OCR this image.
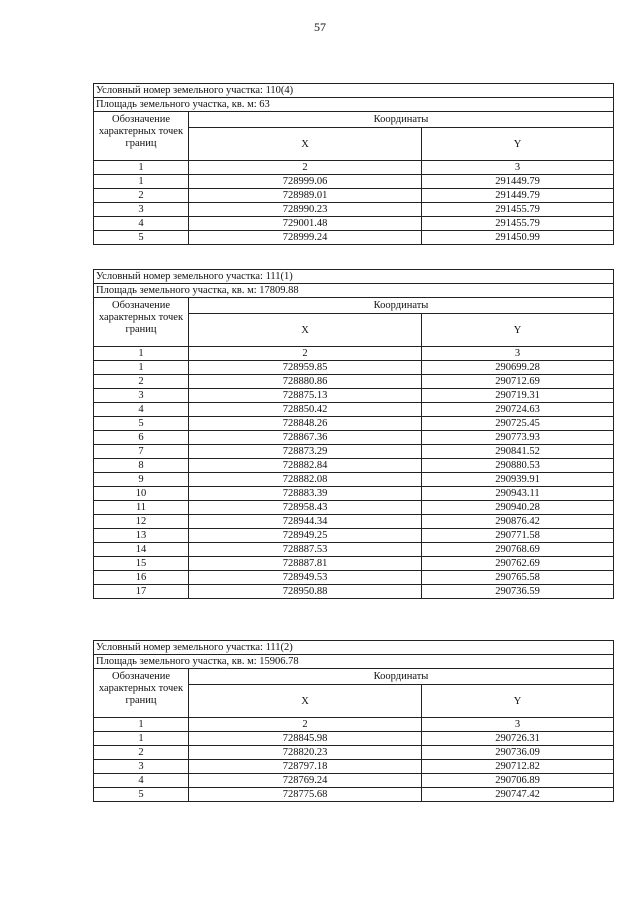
57
Условный номер земельного участка: 110(4)		
Площадь земельного участка, кв. м: 63		
Обозначение характерных точек границ	Координаты	
	X	Y
1	2	3
1	728999.06	291449.79
2	728989.01	291449.79
3	728990.23	291455.79
4	729001.48	291455.79
5	728999.24	291450.99
Условный номер земельного участка: 111(1)		
Площадь земельного участка, кв. м: 17809.88		
Обозначение характерных точек границ	Координаты	
	X	Y
1	2	3
1	728959.85	290699.28
2	728880.86	290712.69
3	728875.13	290719.31
4	728850.42	290724.63
5	728848.26	290725.45
6	728867.36	290773.93
7	728873.29	290841.52
8	728882.84	290880.53
9	728882.08	290939.91
10	728883.39	290943.11
11	728958.43	290940.28
12	728944.34	290876.42
13	728949.25	290771.58
14	728887.53	290768.69
15	728887.81	290762.69
16	728949.53	290765.58
17	728950.88	290736.59
Условный номер земельного участка: 111(2)		
Площадь земельного участка, кв. м: 15906.78		
Обозначение характерных точек границ	Координаты	
	X	Y
1	2	3
1	728845.98	290726.31
2	728820.23	290736.09
3	728797.18	290712.82
4	728769.24	290706.89
5	728775.68	290747.42
